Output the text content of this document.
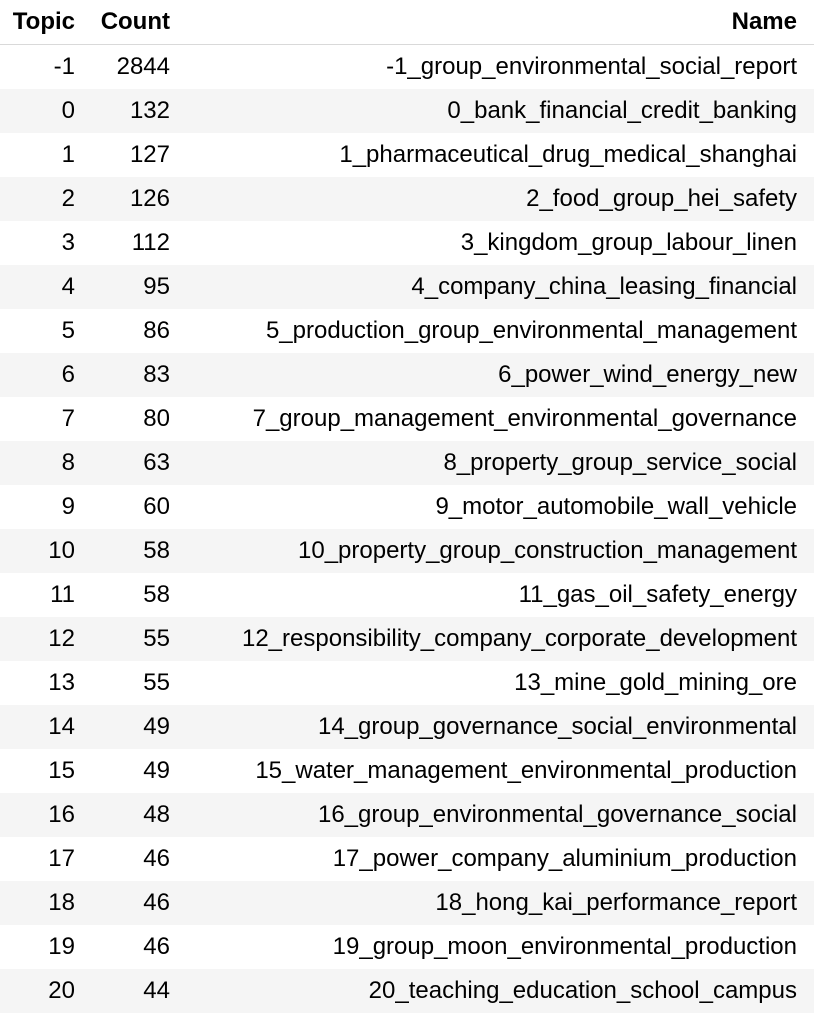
Topic	Count	Name
-1	2844	-1_group_environmental_social_report
0	132	0_bank_financial_credit_banking
1	127	1_pharmaceutical_drug_medical_shanghai
2	126	2_food_group_hei_safety
3	112	3_kingdom_group_labour_linen
4	95	4_company_china_leasing_financial
5	86	5_production_group_environmental_management
6	83	6_power_wind_energy_new
7	80	7_group_management_environmental_governance
8	63	8_property_group_service_social
9	60	9_motor_automobile_wall_vehicle
10	58	10_property_group_construction_management
11	58	11_gas_oil_safety_energy
12	55	12_responsibility_company_corporate_development
13	55	13_mine_gold_mining_ore
14	49	14_group_governance_social_environmental
15	49	15_water_management_environmental_production
16	48	16_group_environmental_governance_social
17	46	17_power_company_aluminium_production
18	46	18_hong_kai_performance_report
19	46	19_group_moon_environmental_production
20	44	20_teaching_education_school_campus
